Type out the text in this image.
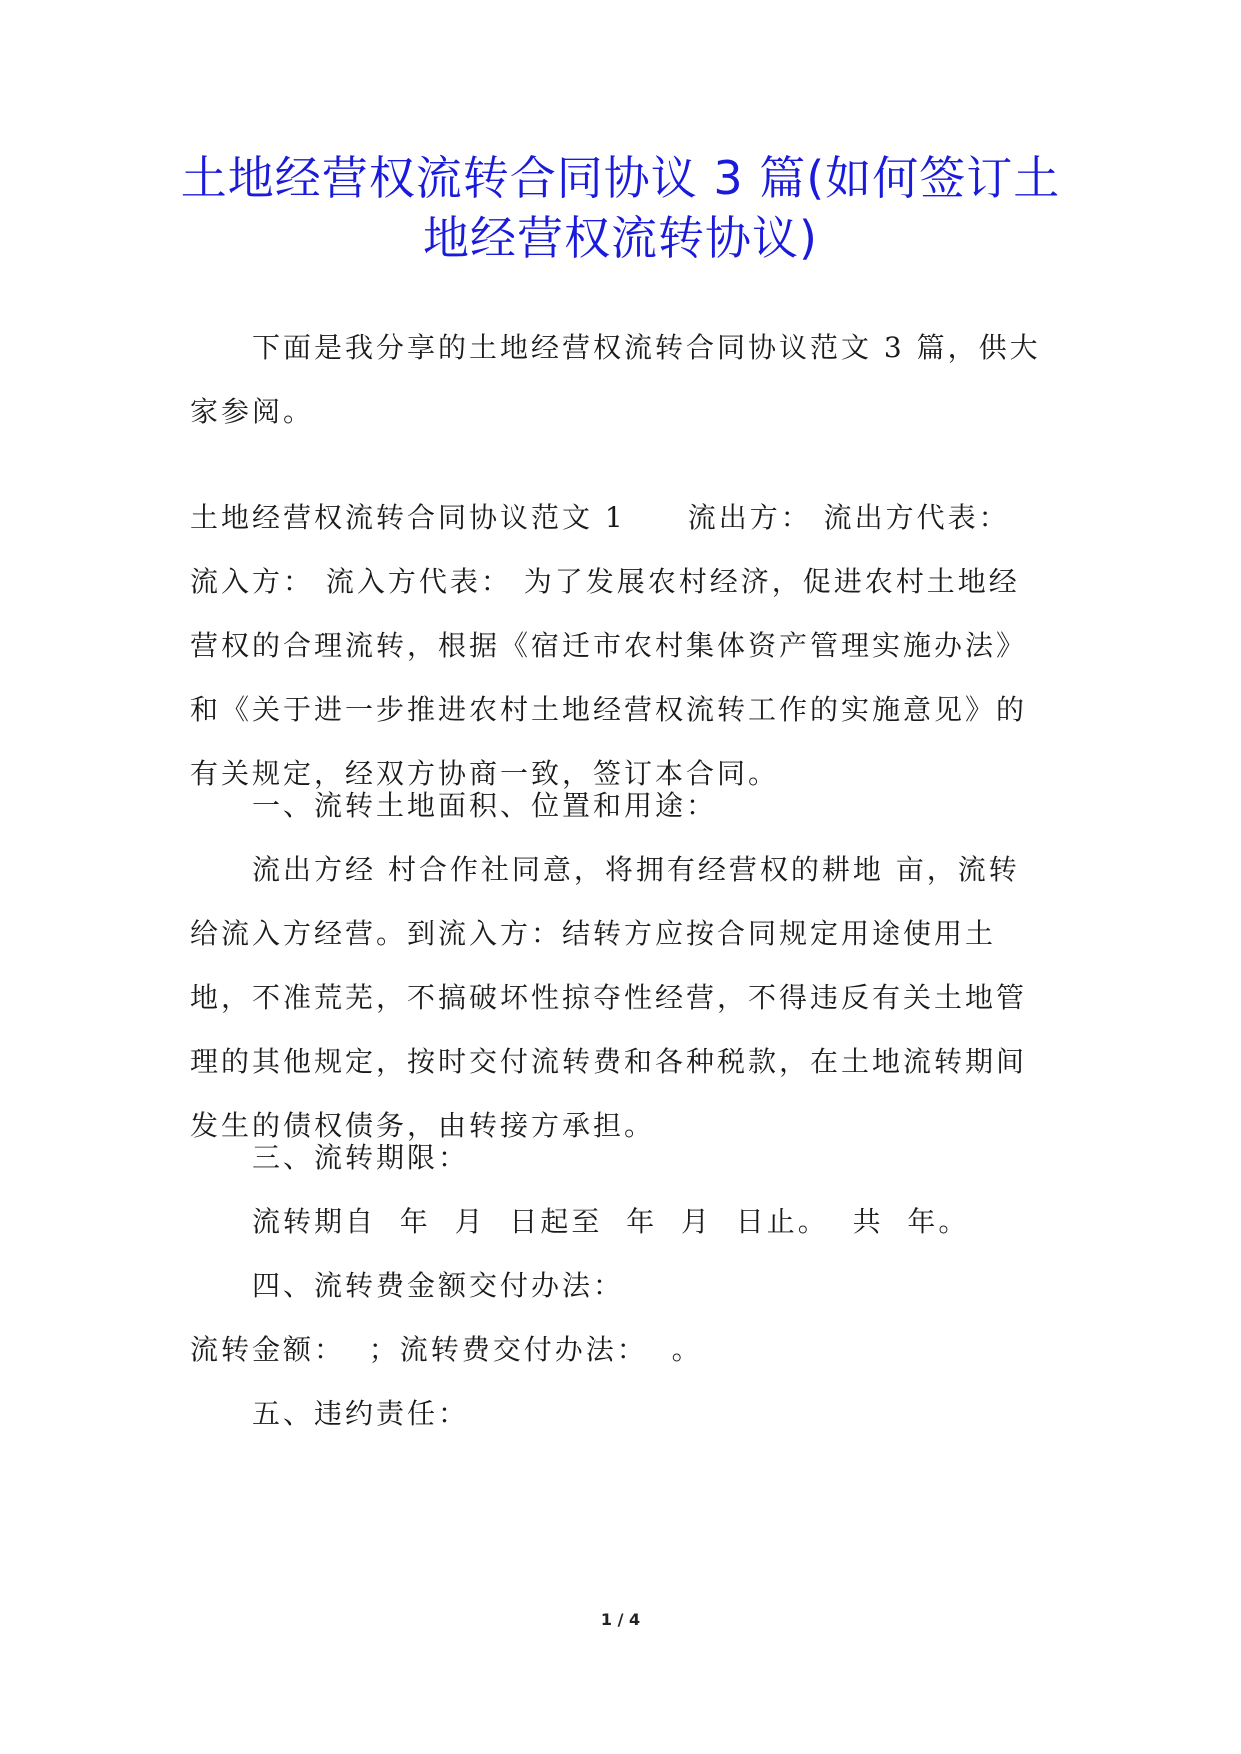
土地经营权流转合同协议 3 篇(如何签订土
地经营权流转协议)

下面是我分享的土地经营权流转合同协议范文 3 篇，供大家参阅。

土地经营权流转合同协议范文 1　　流出方： 流出方代表： 流入方： 流入方代表： 为了发展农村经济，促进农村土地经营权的合理流转，根据《宿迁市农村集体资产管理实施办法》和《关于进一步推进农村土地经营权流转工作的实施意见》的有关规定，经双方协商一致，签订本合同。

一、流转土地面积、位置和用途：

流出方经 村合作社同意，将拥有经营权的耕地 亩，流转给流入方经营。到流入方：结转方应按合同规定用途使用土地，不准荒芜，不搞破坏性掠夺性经营，不得违反有关土地管理的其他规定，按时交付流转费和各种税款，在土地流转期间发生的债权债务，由转接方承担。

三、流转期限：

流转期自  年  月  日起至  年  月  日止。  共  年。

四、流转费金额交付办法：

流转金额：  ；流转费交付办法：  。

五、违约责任：

1 / 4
